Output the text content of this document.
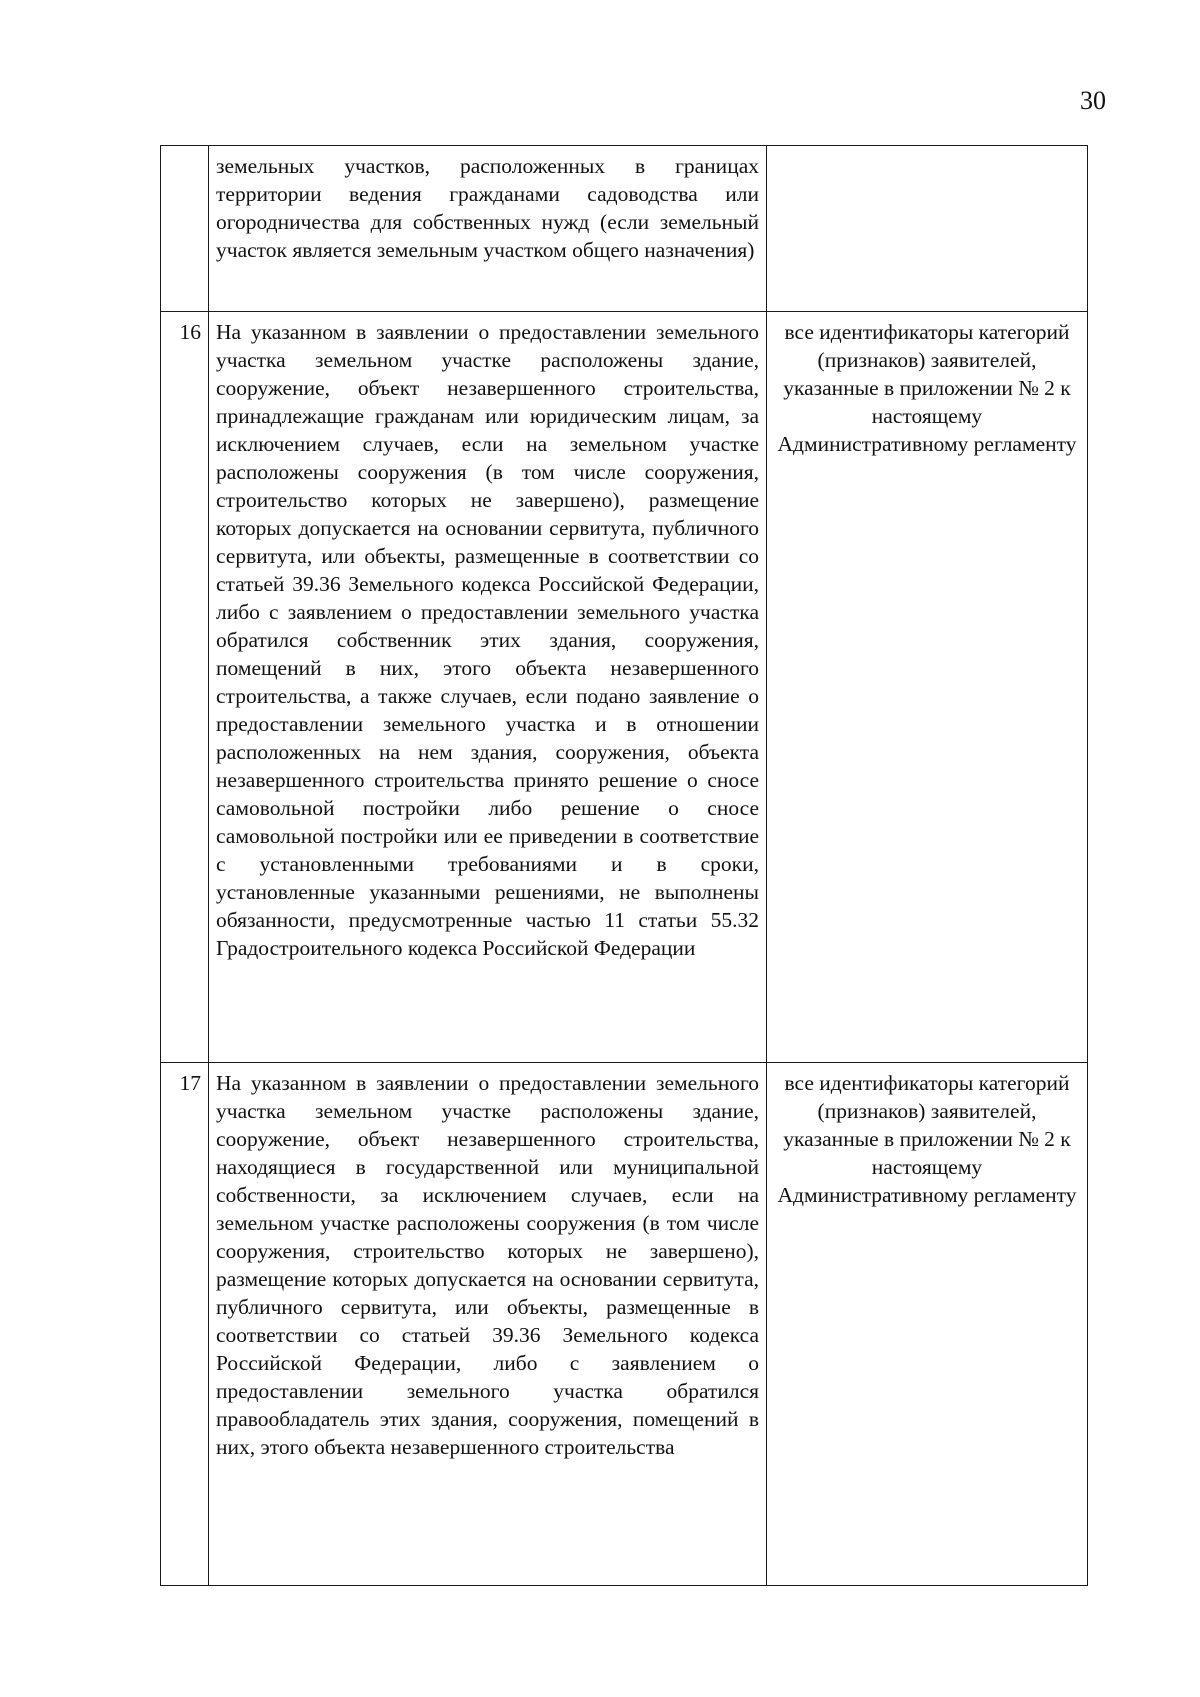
30
	земельных участков, расположенных в границах территории ведения гражданами садоводства или огородничества для собственных нужд (если земельный участок является земельным участком общего назначения)	
16	На указанном в заявлении о предоставлении земельного участка земельном участке расположены здание, сооружение, объект незавершенного строительства, принадлежащие гражданам или юридическим лицам, за исключением случаев, если на земельном участке расположены сооружения (в том числе сооружения, строительство которых не завершено), размещение которых допускается на основании сервитута, публичного сервитута, или объекты, размещенные в соответствии со статьей 39.36 Земельного кодекса Российской Федерации, либо с заявлением о предоставлении земельного участка обратился собственник этих здания, сооружения, помещений в них, этого объекта незавершенного строительства, а также случаев, если подано заявление о предоставлении земельного участка и в отношении расположенных на нем здания, сооружения, объекта незавершенного строительства принято решение о сносе самовольной постройки либо решение о сносе самовольной постройки или ее приведении в соответствие с установленными требованиями и в сроки, установленные указанными решениями, не выполнены обязанности, предусмотренные частью 11 статьи 55.32 Градостроительного кодекса Российской Федерации	все идентификаторы категорий (признаков) заявителей, указанные в приложении № 2 к настоящему Административному регламенту
17	На указанном в заявлении о предоставлении земельного участка земельном участке расположены здание, сооружение, объект незавершенного строительства, находящиеся в государственной или муниципальной собственности, за исключением случаев, если на земельном участке расположены сооружения (в том числе сооружения, строительство которых не завершено), размещение которых допускается на основании сервитута, публичного сервитута, или объекты, размещенные в соответствии со статьей 39.36 Земельного кодекса Российской Федерации, либо с заявлением о предоставлении земельного участка обратился правообладатель этих здания, сооружения, помещений в них, этого объекта незавершенного строительства	все идентификаторы категорий (признаков) заявителей, указанные в приложении № 2 к настоящему Административному регламенту
